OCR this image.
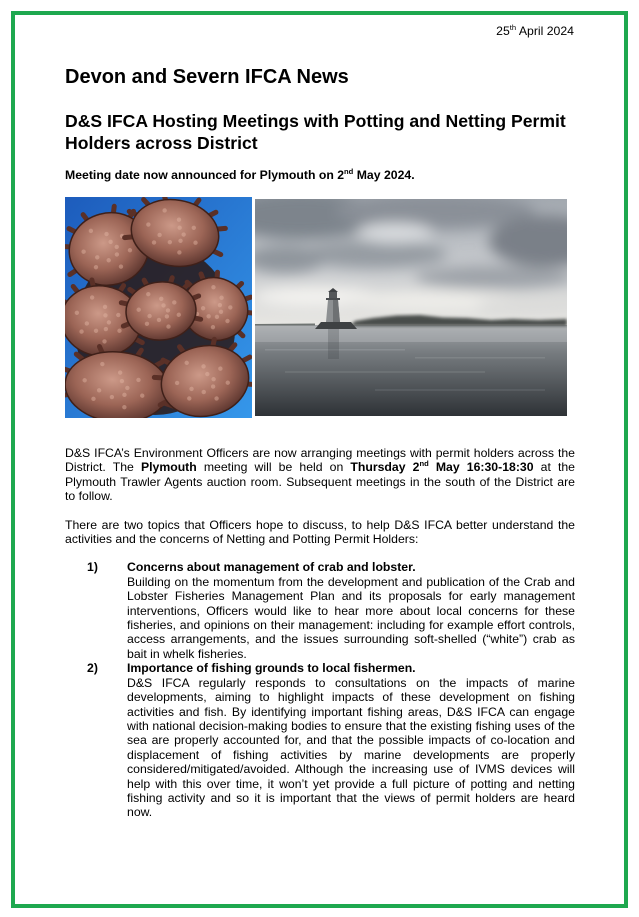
25th April 2024
Devon and Severn IFCA News
D&S IFCA Hosting Meetings with Potting and Netting Permit Holders across District

Meeting date now announced for Plymouth on 2nd May 2024.

D&S IFCA’s Environment Officers are now arranging meetings with permit holders across the District. The Plymouth meeting will be held on Thursday 2nd May 16:30-18:30 at the Plymouth Trawler Agents auction room. Subsequent meetings in the south of the District are to follow.

There are two topics that Officers hope to discuss, to help D&S IFCA better understand the activities and the concerns of Netting and Potting Permit Holders:

1) Concerns about management of crab and lobster.
Building on the momentum from the development and publication of the Crab and Lobster Fisheries Management Plan and its proposals for early management interventions, Officers would like to hear more about local concerns for these fisheries, and opinions on their management: including for example effort controls, access arrangements, and the issues surrounding soft-shelled (“white”) crab as bait in whelk fisheries.
2) Importance of fishing grounds to local fishermen.
D&S IFCA regularly responds to consultations on the impacts of marine developments, aiming to highlight impacts of these development on fishing activities and fish. By identifying important fishing areas, D&S IFCA can engage with national decision-making bodies to ensure that the existing fishing uses of the sea are properly accounted for, and that the possible impacts of co-location and displacement of fishing activities by marine developments are properly considered/mitigated/avoided. Although the increasing use of IVMS devices will help with this over time, it won’t yet provide a full picture of potting and netting fishing activity and so it is important that the views of permit holders are heard now.
